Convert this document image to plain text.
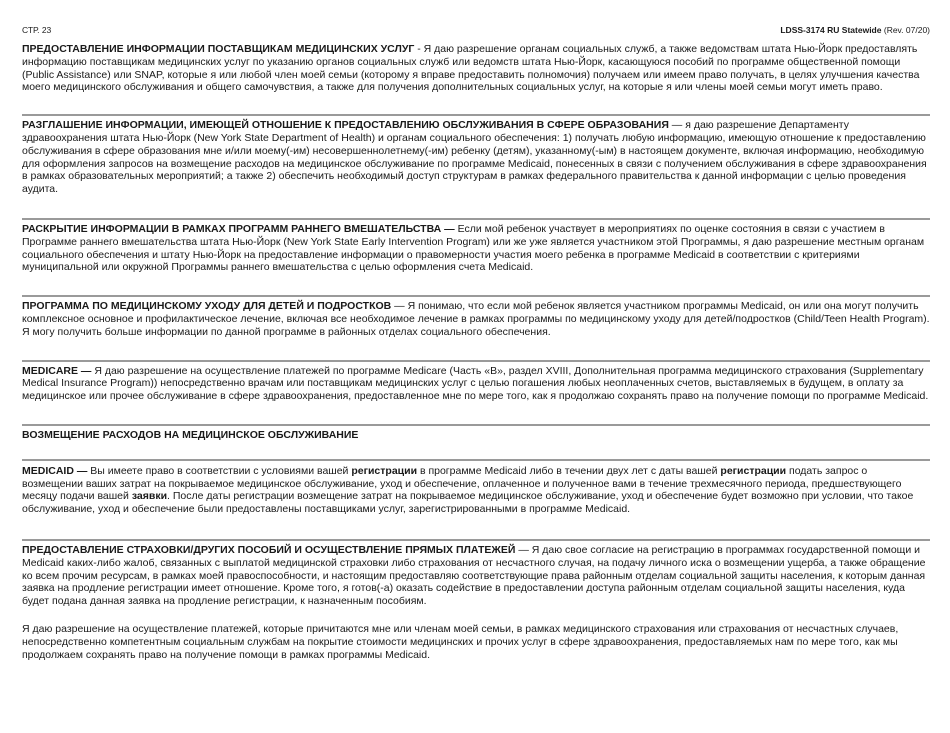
СТР. 23	LDSS-3174 RU Statewide (Rev. 07/20)

ПРЕДОСТАВЛЕНИЕ ИНФОРМАЦИИ ПОСТАВЩИКАМ МЕДИЦИНСКИХ УСЛУГ - Я даю разрешение органам социальных служб, а также ведомствам штата Нью-Йорк предоставлять информацию поставщикам медицинских услуг по указанию органов социальных служб или ведомств штата Нью-Йорк, касающуюся пособий по программе общественной помощи (Public Assistance) или SNAP, которые я или любой член моей семьи (которому я вправе предоставить полномочия) получаем или имеем право получать, в целях улучшения качества моего медицинского обслуживания и общего самочувствия, а также для получения дополнительных социальных услуг, на которые я или члены моей семьи могут иметь право.

РАЗГЛАШЕНИЕ ИНФОРМАЦИИ, ИМЕЮЩЕЙ ОТНОШЕНИЕ К ПРЕДОСТАВЛЕНИЮ ОБСЛУЖИВАНИЯ В СФЕРЕ ОБРАЗОВАНИЯ — я даю разрешение Департаменту здравоохранения штата Нью-Йорк (New York State Department of Health) и органам социального обеспечения: 1) получать любую информацию, имеющую отношение к предоставлению обслуживания в сфере образования мне и/или моему(-им) несовершеннолетнему(-им) ребенку (детям), указанному(-ым) в настоящем документе, включая информацию, необходимую для оформления запросов на возмещение расходов на медицинское обслуживание по программе Medicaid, понесенных в связи с получением обслуживания в сфере здравоохранения в рамках образовательных мероприятий; а также 2) обеспечить необходимый доступ структурам в рамках федерального правительства к данной информации с целью проведения аудита.

РАСКРЫТИЕ ИНФОРМАЦИИ В РАМКАХ ПРОГРАММ РАННЕГО ВМЕШАТЕЛЬСТВА — Если мой ребенок участвует в мероприятиях по оценке состояния в связи с участием в Программе раннего вмешательства штата Нью-Йорк (New York State Early Intervention Program) или же уже является участником этой Программы, я даю разрешение местным органам социального обеспечения и штату Нью-Йорк на предоставление информации о правомерности участия моего ребенка в программе Medicaid в соответствии с критериями муниципальной или окружной Программы раннего вмешательства с целью оформления счета Medicaid.

ПРОГРАММА ПО МЕДИЦИНСКОМУ УХОДУ ДЛЯ ДЕТЕЙ И ПОДРОСТКОВ — Я понимаю, что если мой ребенок является участником программы Medicaid, он или она могут получить комплексное основное и профилактическое лечение, включая все необходимое лечение в рамках программы по медицинскому уходу для детей/подростков (Child/Teen Health Program). Я могу получить больше информации по данной программе в районных отделах социального обеспечения.

MEDICARE — Я даю разрешение на осуществление платежей по программе Medicare (Часть «B», раздел XVIII, Дополнительная программа медицинского страхования (Supplementary Medical Insurance Program)) непосредственно врачам или поставщикам медицинских услуг с целью погашения любых неоплаченных счетов, выставляемых в будущем, в оплату за медицинское или прочее обслуживание в сфере здравоохранения, предоставленное мне по мере того, как я продолжаю сохранять право на получение помощи по программе Medicaid.

ВОЗМЕЩЕНИЕ РАСХОДОВ НА МЕДИЦИНСКОЕ ОБСЛУЖИВАНИЕ

MEDICAID — Вы имеете право в соответствии с условиями вашей регистрации в программе Medicaid либо в течении двух лет с даты вашей регистрации подать запрос о возмещении ваших затрат на покрываемое медицинское обслуживание, уход и обеспечение, оплаченное и полученное вами в течение трехмесячного периода, предшествующего месяцу подачи вашей заявки. После даты регистрации возмещение затрат на покрываемое медицинское обслуживание, уход и обеспечение будет возможно при условии, что такое обслуживание, уход и обеспечение были предоставлены поставщиками услуг, зарегистрированными в программе Medicaid.

ПРЕДОСТАВЛЕНИЕ СТРАХОВКИ/ДРУГИХ ПОСОБИЙ И ОСУЩЕСТВЛЕНИЕ ПРЯМЫХ ПЛАТЕЖЕЙ — Я даю свое согласие на регистрацию в программах государственной помощи и Medicaid каких-либо жалоб, связанных с выплатой медицинской страховки либо страхования от несчастного случая, на подачу личного иска о возмещении ущерба, а также обращение ко всем прочим ресурсам, в рамках моей правоспособности, и настоящим предоставляю соответствующие права районным отделам социальной защиты населения, к которым данная заявка на продление регистрации имеет отношение. Кроме того, я готов(-а) оказать содействие в предоставлении доступа районным отделам социальной защиты населения, куда будет подана данная заявка на продление регистрации, к назначенным пособиям.

Я даю разрешение на осуществление платежей, которые причитаются мне или членам моей семьи, в рамках медицинского страхования или страхования от несчастных случаев, непосредственно компетентным социальным службам на покрытие стоимости медицинских и прочих услуг в сфере здравоохранения, предоставляемых нам по мере того, как мы продолжаем сохранять право на получение помощи в рамках программы Medicaid.
